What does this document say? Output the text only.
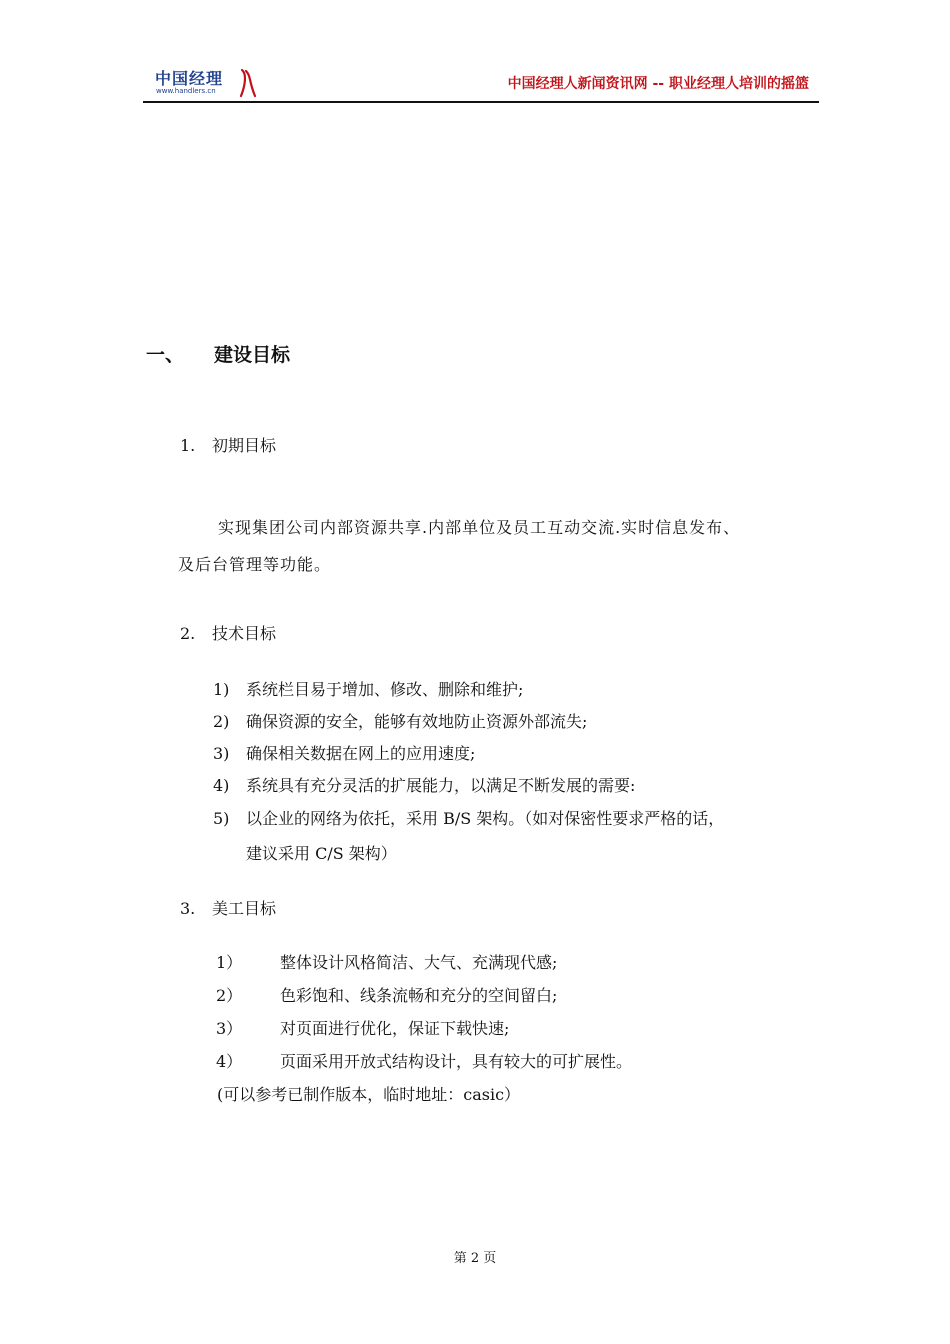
中国经理
www.handlers.cn	中国经理人新闻资讯网 -- 职业经理人培训的摇篮
一、 建设目标
1. 初期目标
实现集团公司内部资源共享.内部单位及员工互动交流.实时信息发布、
及后台管理等功能。
2. 技术目标
1) 系统栏目易于增加、修改、删除和维护;
2) 确保资源的安全，能够有效地防止资源外部流失;
3) 确保相关数据在网上的应用速度;
4) 系统具有充分灵活的扩展能力，以满足不断发展的需要:
5) 以企业的网络为依托，采用 B/S 架构。（如对保密性要求严格的话，
建议采用 C/S 架构）
3. 美工目标
1） 整体设计风格简洁、大气、充满现代感;
2） 色彩饱和、线条流畅和充分的空间留白;
3） 对页面进行优化，保证下载快速;
4） 页面采用开放式结构设计，具有较大的可扩展性。
(可以参考已制作版本，临时地址：casic）
第 2 页
